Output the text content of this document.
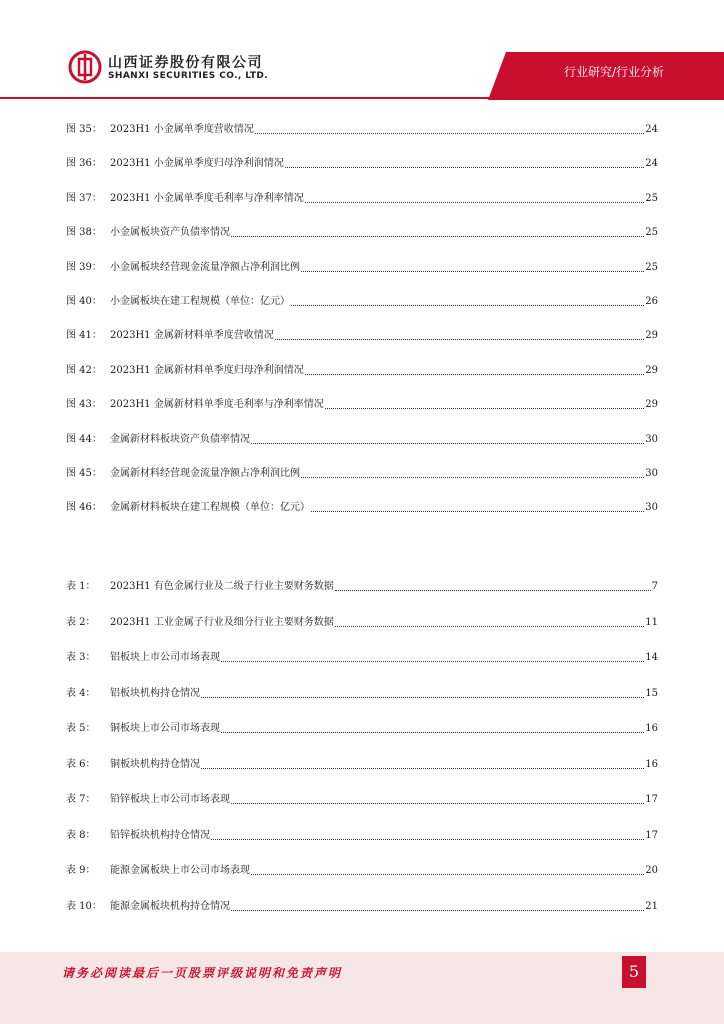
山西证券股份有限公司
SHANXI SECURITIES CO., LTD.	行业研究/行业分析
图 35： 2023H1 小金属单季度营收情况	24
图 36： 2023H1 小金属单季度归母净利润情况	24
图 37： 2023H1 小金属单季度毛利率与净利率情况	25
图 38： 小金属板块资产负债率情况	25
图 39： 小金属板块经营现金流量净额占净利润比例	25
图 40： 小金属板块在建工程规模（单位：亿元）	26
图 41： 2023H1 金属新材料单季度营收情况	29
图 42： 2023H1 金属新材料单季度归母净利润情况	29
图 43： 2023H1 金属新材料单季度毛利率与净利率情况	29
图 44： 金属新材料板块资产负债率情况	30
图 45： 金属新材料经营现金流量净额占净利润比例	30
图 46： 金属新材料板块在建工程规模（单位：亿元）	30
表 1：	2023H1 有色金属行业及二级子行业主要财务数据	7
表 2：	2023H1 工业金属子行业及细分行业主要财务数据	11
表 3：	铝板块上市公司市场表现	14
表 4：	铝板块机构持仓情况	15
表 5：	铜板块上市公司市场表现	16
表 6：	铜板块机构持仓情况	16
表 7：	铅锌板块上市公司市场表现	17
表 8：	铅锌板块机构持仓情况	17
表 9：	能源金属板块上市公司市场表现	20
表 10： 能源金属板块机构持仓情况	21
请务必阅读最后一页股票评级说明和免责声明	5
